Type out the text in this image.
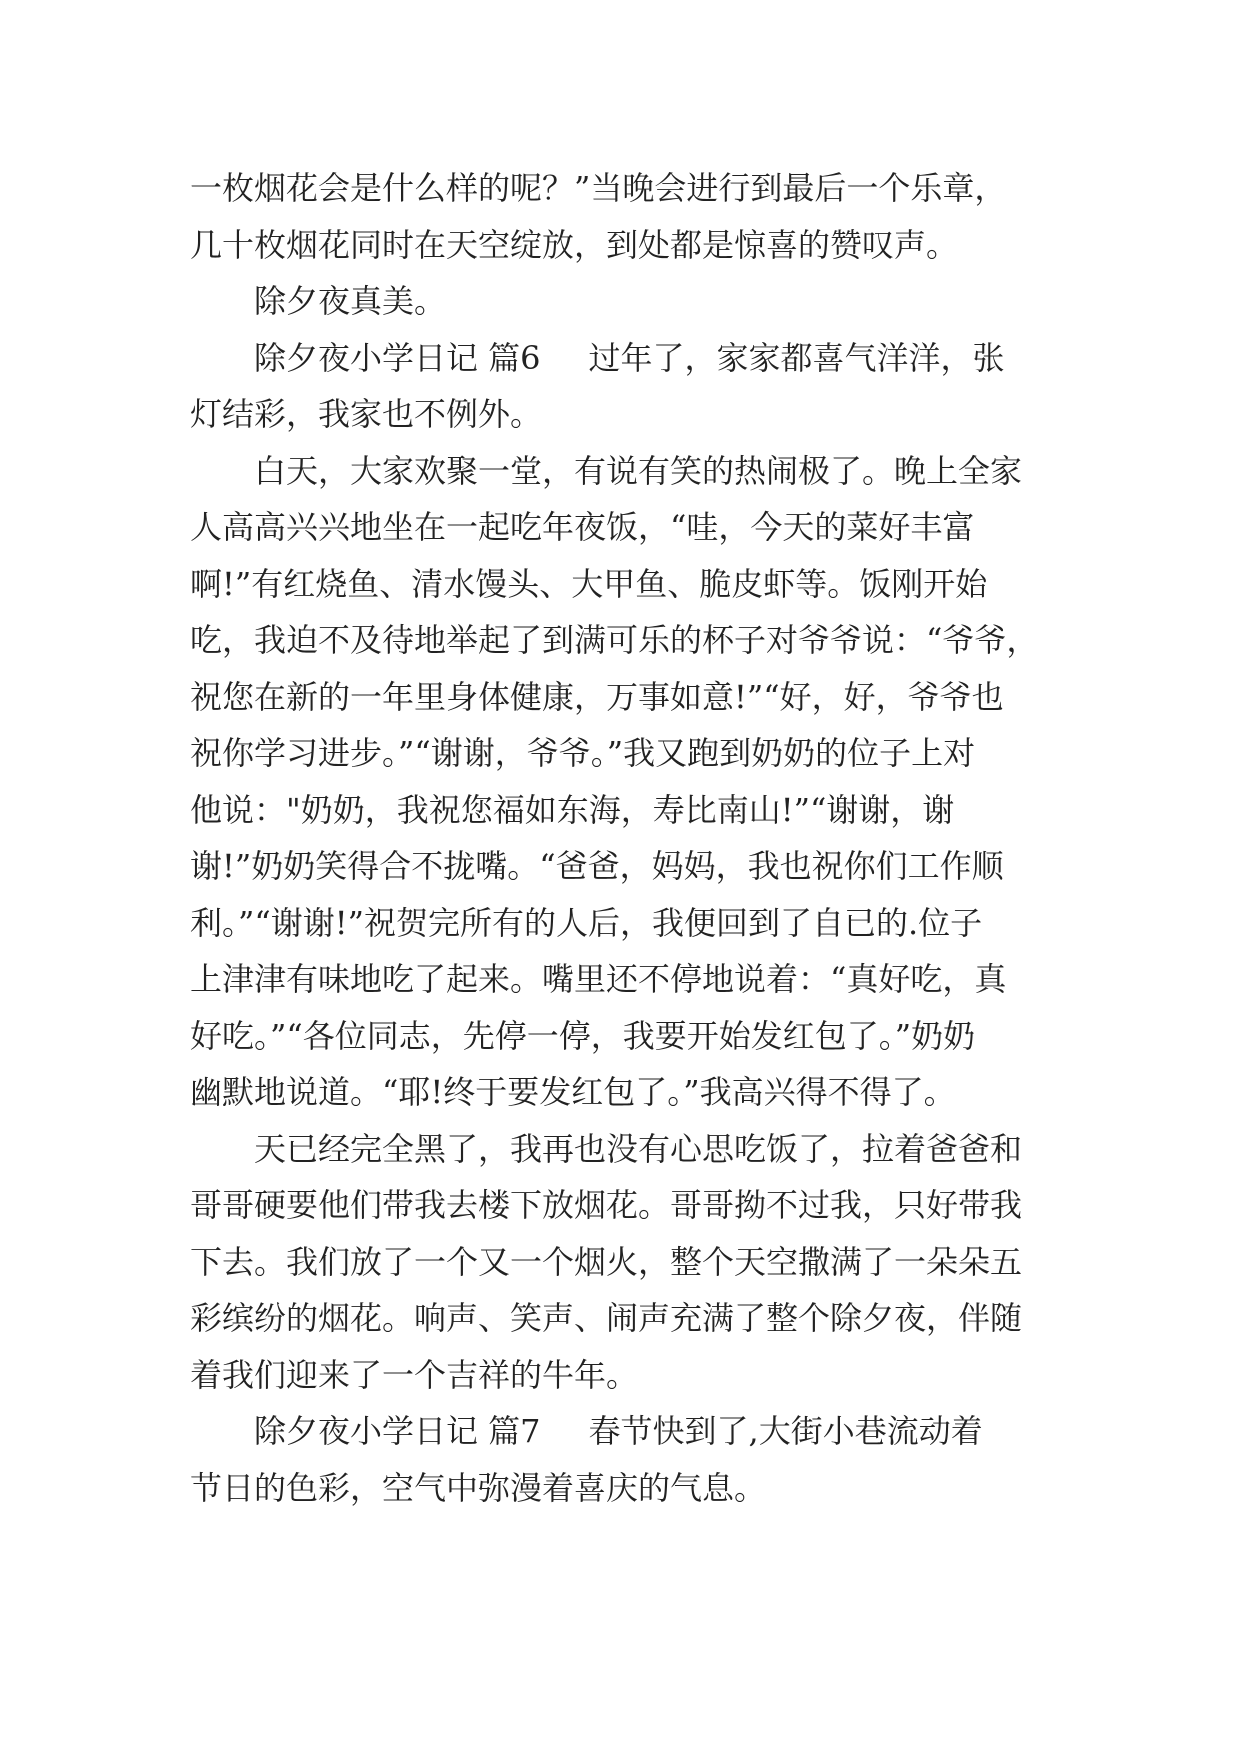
一枚烟花会是什么样的呢？”当晚会进行到最后一个乐章，
几十枚烟花同时在天空绽放，到处都是惊喜的赞叹声。

除夕夜真美。

除夕夜小学日记 篇6 过年了，家家都喜气洋洋，张

灯结彩，我家也不例外。

白天，大家欢聚一堂，有说有笑的热闹极了。晚上全家

人高高兴兴地坐在一起吃年夜饭，“哇，今天的菜好丰富
啊!”有红烧鱼、清水馒头、大甲鱼、脆皮虾等。饭刚开始
吃，我迫不及待地举起了到满可乐的杯子对爷爷说：“爷爷，
祝您在新的一年里身体健康，万事如意!”“好，好，爷爷也
祝你学习进步。”“谢谢，爷爷。”我又跑到奶奶的位子上对
他说："奶奶，我祝您福如东海，寿比南山!”“谢谢，谢
谢!”奶奶笑得合不拢嘴。“爸爸，妈妈，我也祝你们工作顺
利。”“谢谢!”祝贺完所有的人后，我便回到了自已的.位子
上津津有味地吃了起来。嘴里还不停地说着：“真好吃，真
好吃。”“各位同志，先停一停，我要开始发红包了。”奶奶
幽默地说道。“耶!终于要发红包了。”我高兴得不得了。

天已经完全黑了，我再也没有心思吃饭了，拉着爸爸和

哥哥硬要他们带我去楼下放烟花。哥哥拗不过我，只好带我
下去。我们放了一个又一个烟火，整个天空撒满了一朵朵五
彩缤纷的烟花。响声、笑声、闹声充满了整个除夕夜，伴随
着我们迎来了一个吉祥的牛年。

除夕夜小学日记 篇7 春节快到了,大街小巷流动着

节日的色彩，空气中弥漫着喜庆的气息。
